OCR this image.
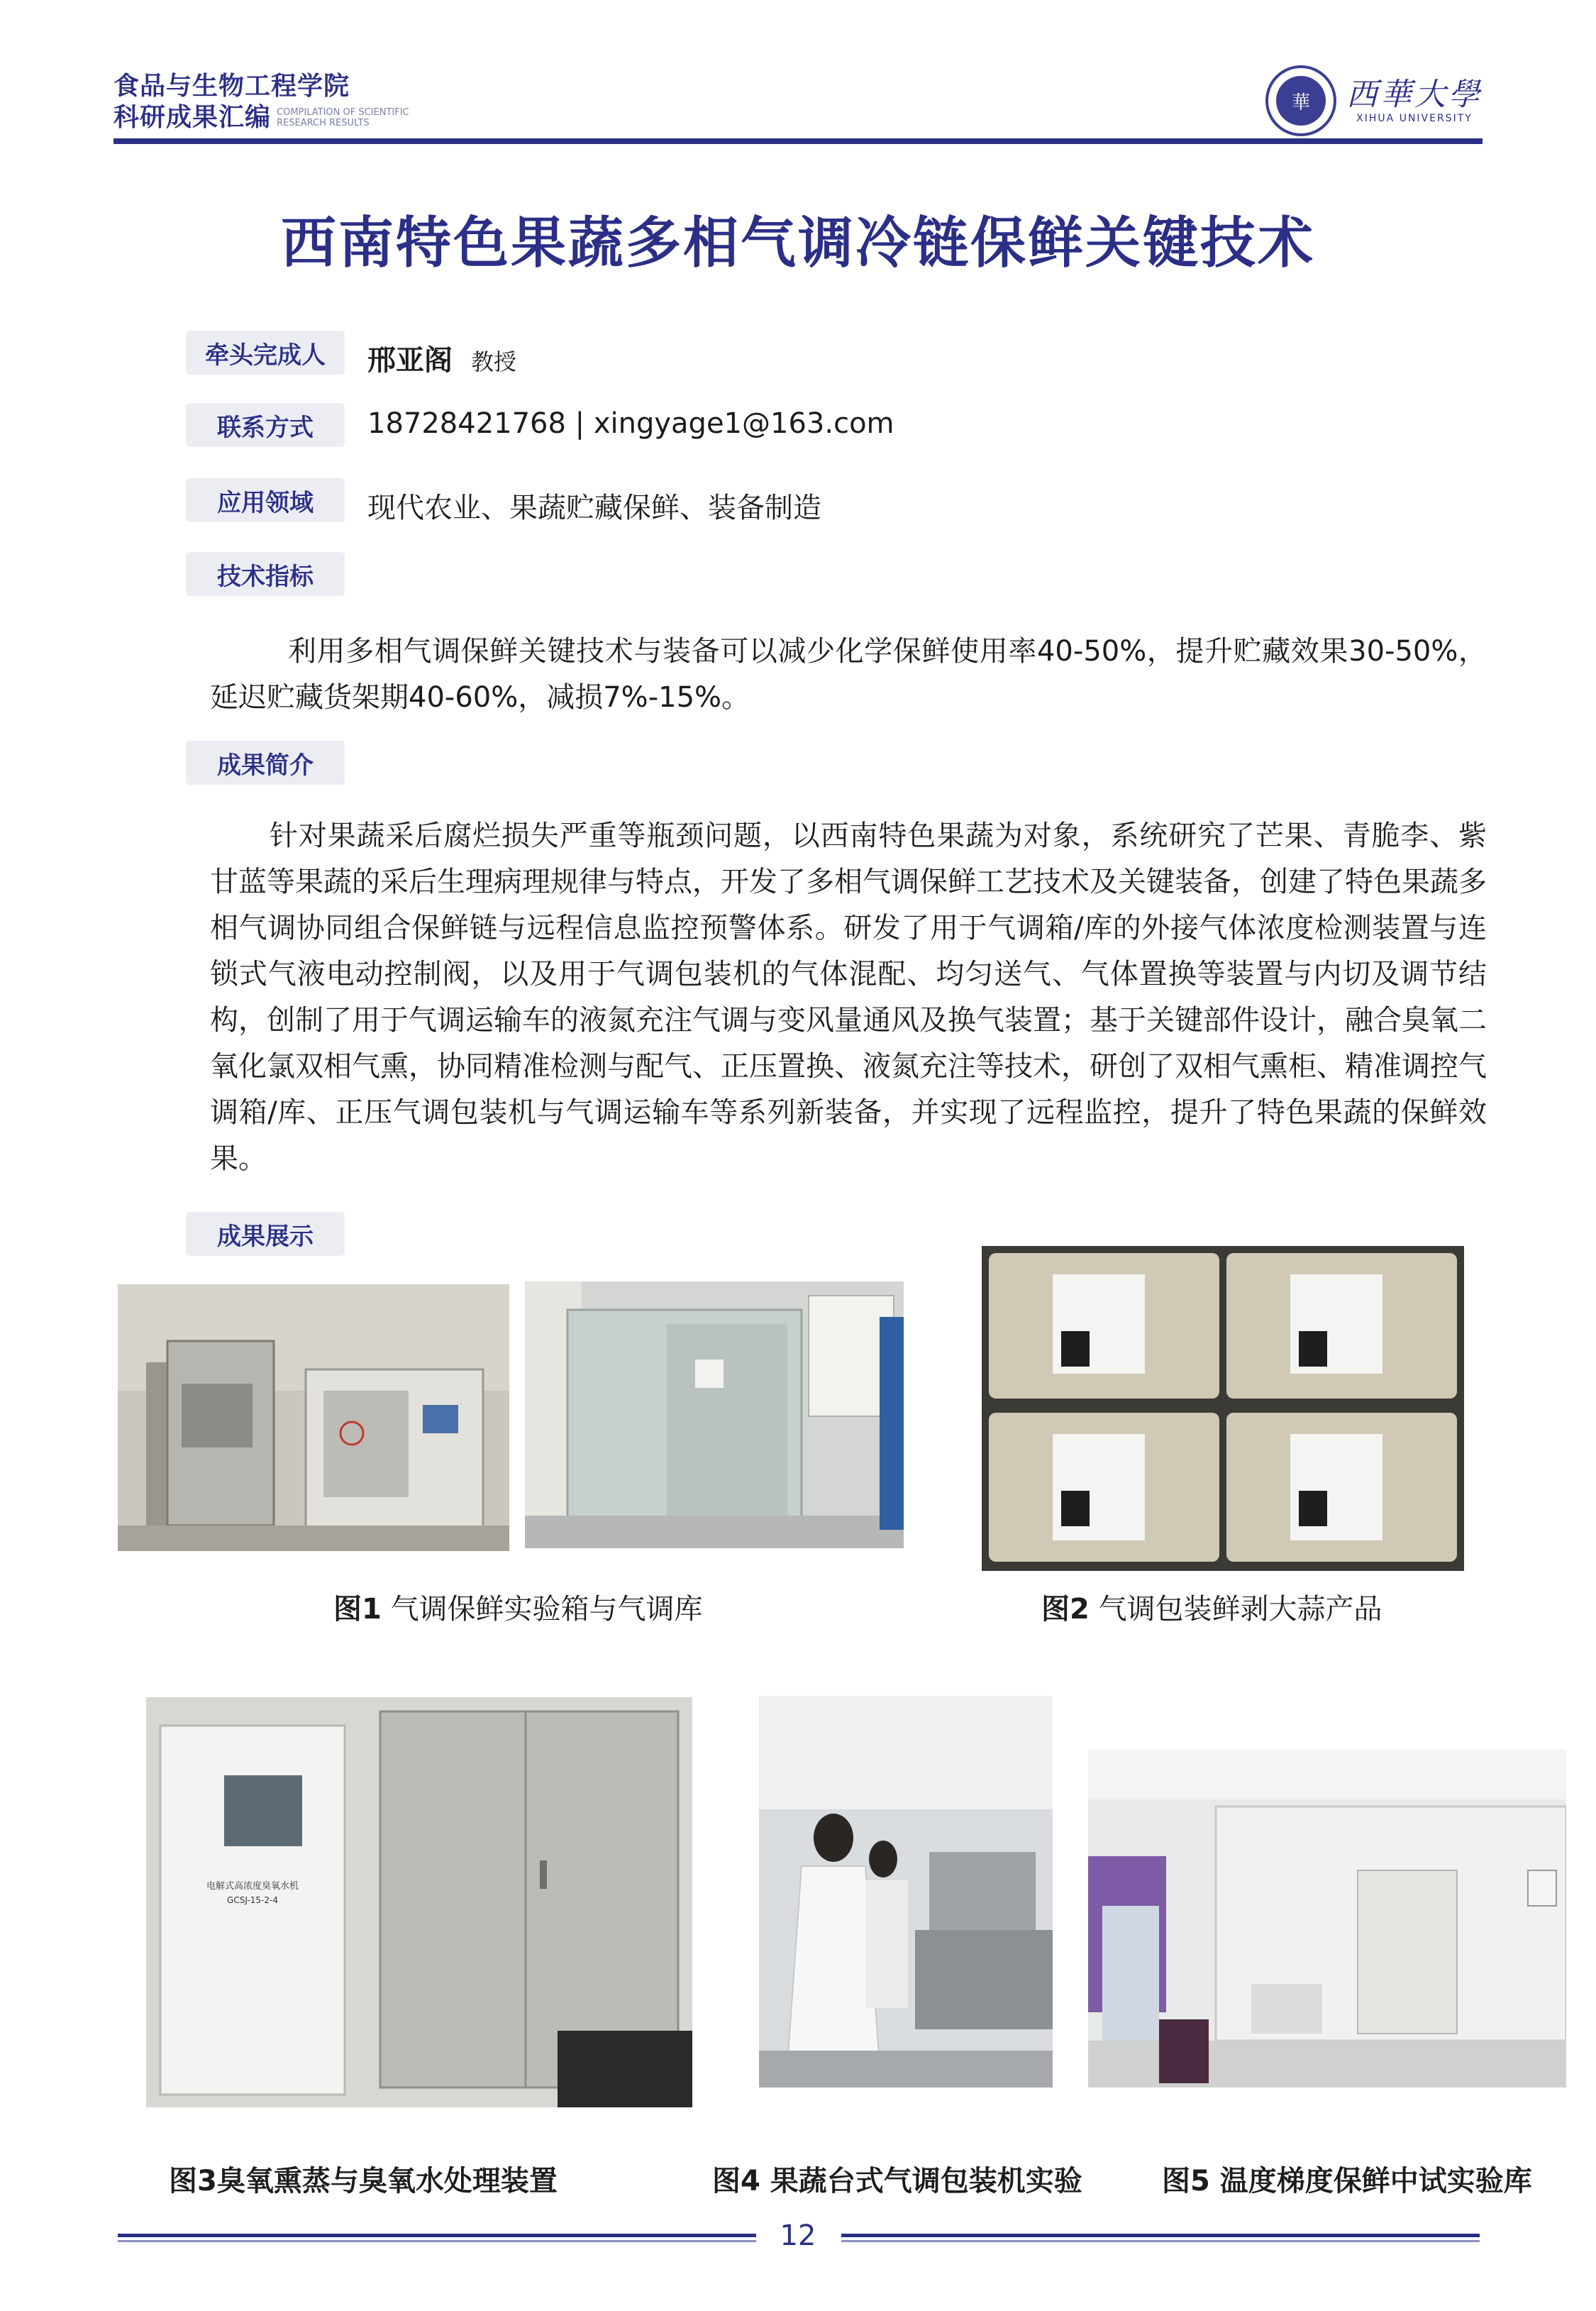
食品与生物工程学院
科研成果汇编 COMPILATION OF SCIENTIFIC RESEARCH RESULTS
華	西華大學
XIHUA UNIVERSITY
西南特色果蔬多相气调冷链保鲜关键技术
牵头完成人	邢亚阁 教授
联系方式	18728421768 | xingyage1@163.com
应用领域	现代农业、果蔬贮藏保鲜、装备制造
技术指标
利用多相气调保鲜关键技术与装备可以减少化学保鲜使用率40-50%，提升贮藏效果30-50%，延迟贮藏货架期40-60%，减损7%-15%。
成果简介
针对果蔬采后腐烂损失严重等瓶颈问题，以西南特色果蔬为对象，系统研究了芒果、青脆李、紫甘蓝等果蔬的采后生理病理规律与特点，开发了多相气调保鲜工艺技术及关键装备，创建了特色果蔬多相气调协同组合保鲜链与远程信息监控预警体系。研发了用于气调箱/库的外接气体浓度检测装置与连锁式气液电动控制阀，以及用于气调包装机的气体混配、均匀送气、气体置换等装置与内切及调节结构，创制了用于气调运输车的液氮充注气调与变风量通风及换气装置；基于关键部件设计，融合臭氧二氧化氯双相气熏，协同精准检测与配气、正压置换、液氮充注等技术，研创了双相气熏柜、精准调控气调箱/库、正压气调包装机与气调运输车等系列新装备，并实现了远程监控，提升了特色果蔬的保鲜效果。
成果展示
图1 气调保鲜实验箱与气调库	图2 气调包装鲜剥大蒜产品
电解式高浓度臭氧水机
GCSJ-15-2-4
图3臭氧熏蒸与臭氧水处理装置	图4 果蔬台式气调包装机实验	图5 温度梯度保鲜中试实验库
12
